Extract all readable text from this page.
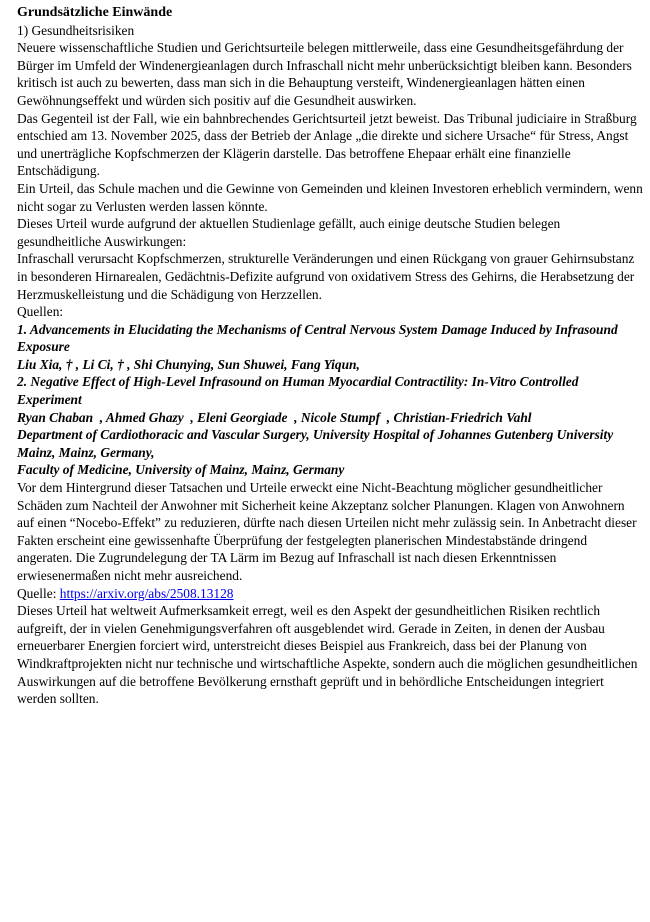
Grundsätzliche Einwände

1) Gesundheitsrisiken

Neuere wissenschaftliche Studien und Gerichtsurteile belegen mittlerweile, dass eine Gesundheitsgefährdung der Bürger im Umfeld der Windenergieanlagen durch Infraschall nicht mehr unberücksichtigt bleiben kann. Besonders kritisch ist auch zu bewerten, dass man sich in die Behauptung versteift, Windenergieanlagen hätten einen Gewöhnungseffekt und würden sich positiv auf die Gesundheit auswirken.

Das Gegenteil ist der Fall, wie ein bahnbrechendes Gerichtsurteil jetzt beweist. Das Tribunal judiciaire in Straßburg entschied am 13. November 2025, dass der Betrieb der Anlage „die direkte und sichere Ursache“ für Stress, Angst und unerträgliche Kopfschmerzen der Klägerin darstelle. Das betroffene Ehepaar erhält eine finanzielle Entschädigung.

Ein Urteil, das Schule machen und die Gewinne von Gemeinden und kleinen Investoren erheblich vermindern, wenn nicht sogar zu Verlusten werden lassen könnte.

Dieses Urteil wurde aufgrund der aktuellen Studienlage gefällt, auch einige deutsche Studien belegen gesundheitliche Auswirkungen:

Infraschall verursacht Kopfschmerzen, strukturelle Veränderungen und einen Rückgang von grauer Gehirnsubstanz in besonderen Hirnarealen, Gedächtnis-Defizite aufgrund von oxidativem Stress des Gehirns, die Herabsetzung der Herzmuskelleistung und die Schädigung von Herzzellen.

Quellen:

1. Advancements in Elucidating the Mechanisms of Central Nervous System Damage Induced by Infrasound Exposure

Liu Xia, † , Li Ci, † , Shi Chunying, Sun Shuwei, Fang Yiqun,

2. Negative Effect of High-Level Infrasound on Human Myocardial Contractility: In-Vitro Controlled Experiment

Ryan Chaban  , Ahmed Ghazy  , Eleni Georgiade  , Nicole Stumpf  , Christian-Friedrich Vahl

Department of Cardiothoracic and Vascular Surgery, University Hospital of Johannes Gutenberg University Mainz, Mainz, Germany,

Faculty of Medicine, University of Mainz, Mainz, Germany

Vor dem Hintergrund dieser Tatsachen und Urteile erweckt eine Nicht-Beachtung möglicher gesundheitlicher Schäden zum Nachteil der Anwohner mit Sicherheit keine Akzeptanz solcher Planungen. Klagen von Anwohnern auf einen “Nocebo-Effekt” zu reduzieren, dürfte nach diesen Urteilen nicht mehr zulässig sein. In Anbetracht dieser Fakten erscheint eine gewissenhafte Überprüfung der festgelegten planerischen Mindestabstände dringend angeraten. Die Zugrundelegung der TA Lärm im Bezug auf Infraschall ist nach diesen Erkenntnissen erwiesenermaßen nicht mehr ausreichend.

Quelle: https://arxiv.org/abs/2508.13128

Dieses Urteil hat weltweit Aufmerksamkeit erregt, weil es den Aspekt der gesundheitlichen Risiken rechtlich aufgreift, der in vielen Genehmigungsverfahren oft ausgeblendet wird. Gerade in Zeiten, in denen der Ausbau erneuerbarer Energien forciert wird, unterstreicht dieses Beispiel aus Frankreich, dass bei der Planung von Windkraftprojekten nicht nur technische und wirtschaftliche Aspekte, sondern auch die möglichen gesundheitlichen Auswirkungen auf die betroffene Bevölkerung ernsthaft geprüft und in behördliche Entscheidungen integriert werden sollten.
